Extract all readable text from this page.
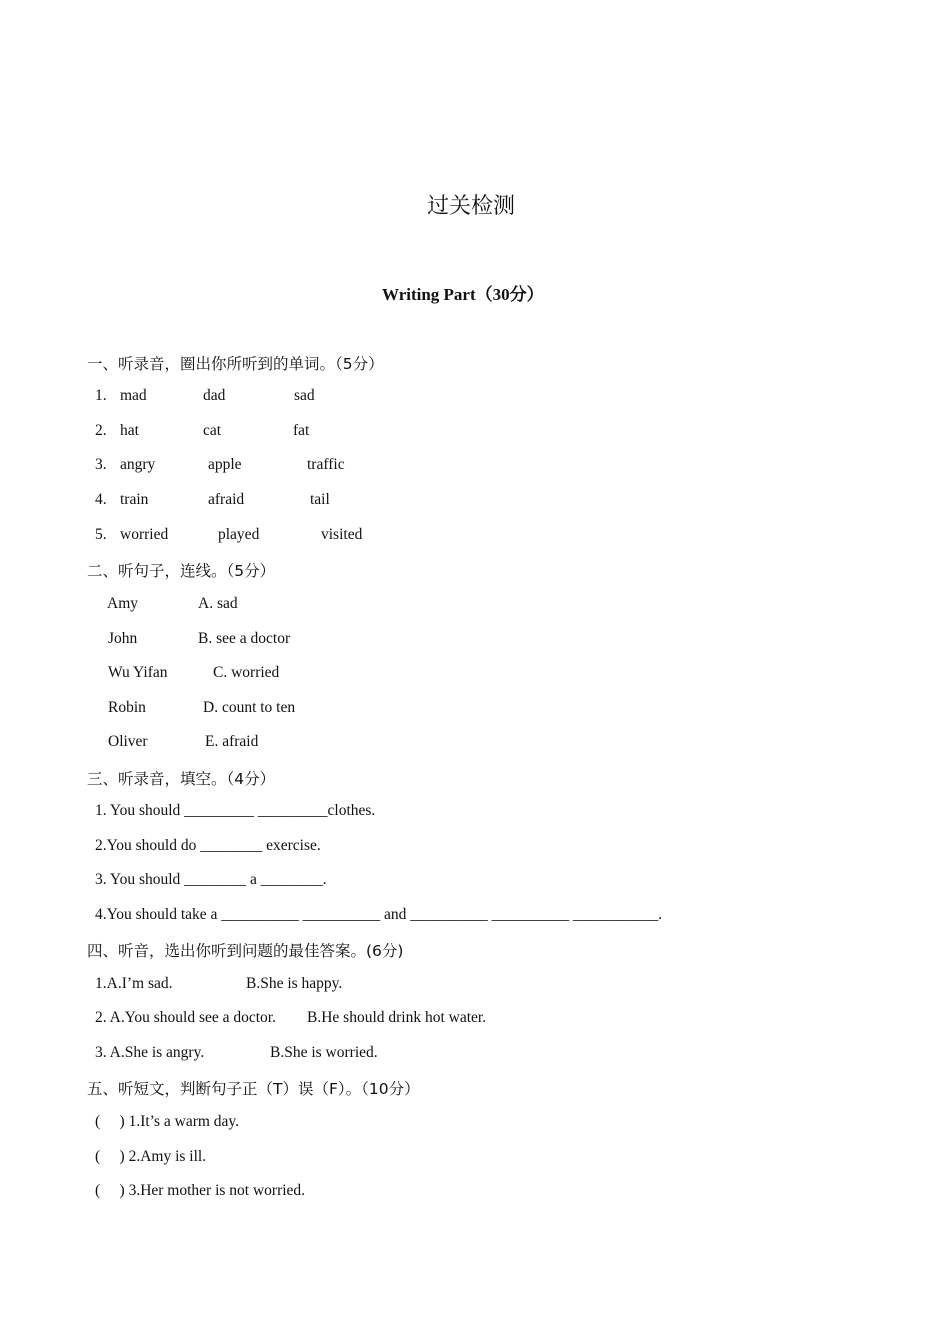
过关检测
Writing Part（30分）
一、听录音，圈出你所听到的单词。（5分）
1. mad	dad	sad
2. hat	cat	fat
3. angry	apple	traffic
4. train	afraid	tail
5. worried	played	visited
二、听句子，连线。（5分）
Amy	A. sad
John	B. see a doctor
Wu Yifan	C. worried
Robin	D. count to ten
Oliver	E. afraid
三、听录音，填空。（4分）
1. You should _________ _________clothes.
2.You should do ________ exercise.
3. You should ________ a ________.
4.You should take a __________ __________ and __________ __________ ___________.
四、听音，选出你听到问题的最佳答案。(6分)
1.A.I’m sad.	B.She is happy.
2. A.You should see a doctor. B.He should drink hot water.
3. A.She is angry.	B.She is worried.
五、听短文，判断句子正（T）误（F）。（10分）
(     ) 1.It’s a warm day.
(     ) 2.Amy is ill.
(     ) 3.Her mother is not worried.
